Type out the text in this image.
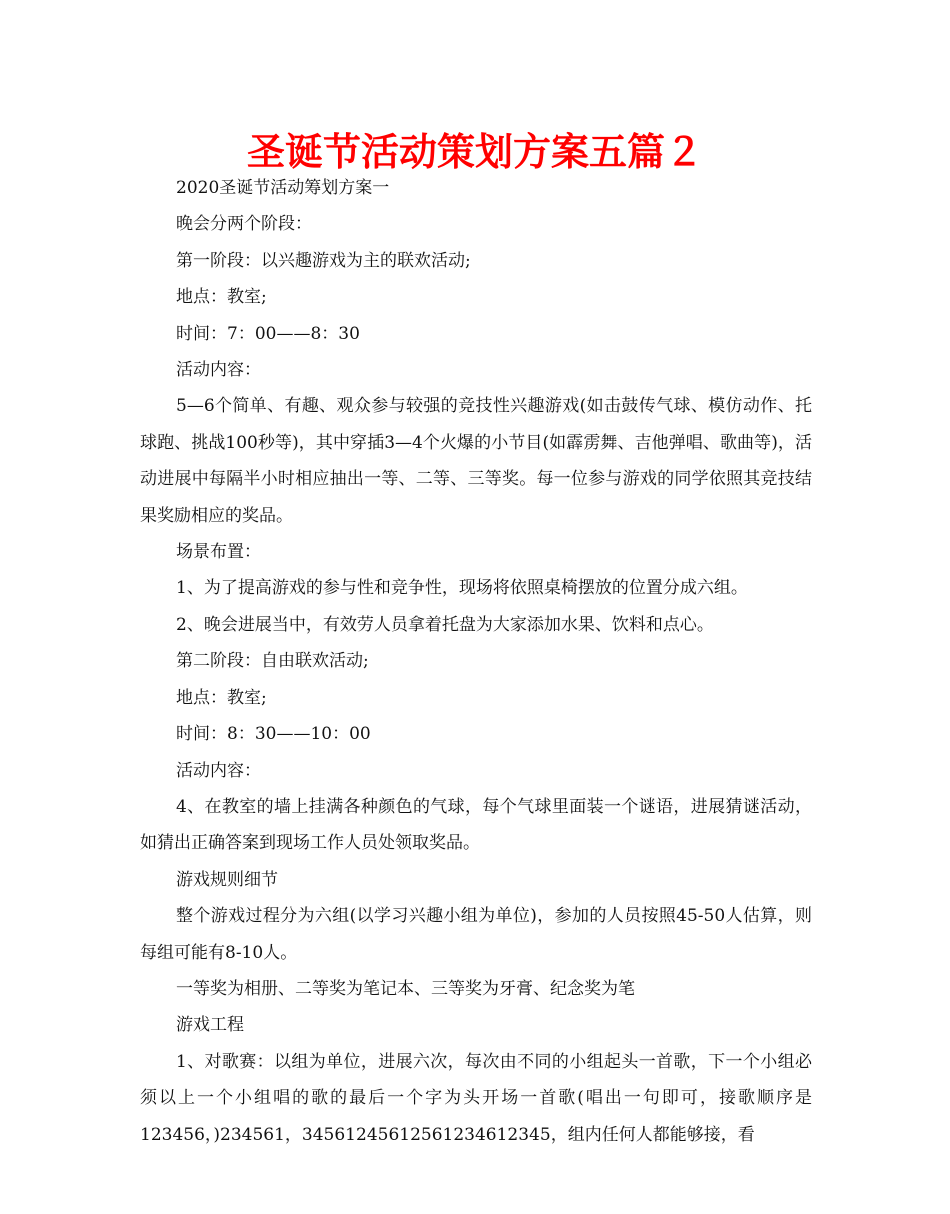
圣诞节活动策划方案五篇２

2020圣诞节活动筹划方案一

晚会分两个阶段：

第一阶段：以兴趣游戏为主的联欢活动;

地点：教室;

时间：7：00——8：30

活动内容：

5—6个简单、有趣、观众参与较强的竞技性兴趣游戏(如击鼓传气球、模仿动作、托球跑、挑战100秒等)，其中穿插3—4个火爆的小节目(如霹雳舞、吉他弹唱、歌曲等)，活动进展中每隔半小时相应抽出一等、二等、三等奖。每一位参与游戏的同学依照其竞技结果奖励相应的奖品。

场景布置：

1、为了提高游戏的参与性和竞争性，现场将依照桌椅摆放的位置分成六组。

2、晚会进展当中，有效劳人员拿着托盘为大家添加水果、饮料和点心。

第二阶段：自由联欢活动;

地点：教室;

时间：8：30——10：00

活动内容：

4、在教室的墙上挂满各种颜色的气球，每个气球里面装一个谜语，进展猜谜活动，如猜出正确答案到现场工作人员处领取奖品。

游戏规则细节

整个游戏过程分为六组(以学习兴趣小组为单位)，参加的人员按照45-50人估算，则每组可能有8-10人。

一等奖为相册、二等奖为笔记本、三等奖为牙膏、纪念奖为笔

游戏工程

1、对歌赛：以组为单位，进展六次，每次由不同的小组起头一首歌，下一个小组必须以上一个小组唱的歌的最后一个字为头开场一首歌(唱出一句即可，接歌顺序是123456，)234561，3456124561256123461234​5，组内任何人都能够接，看
